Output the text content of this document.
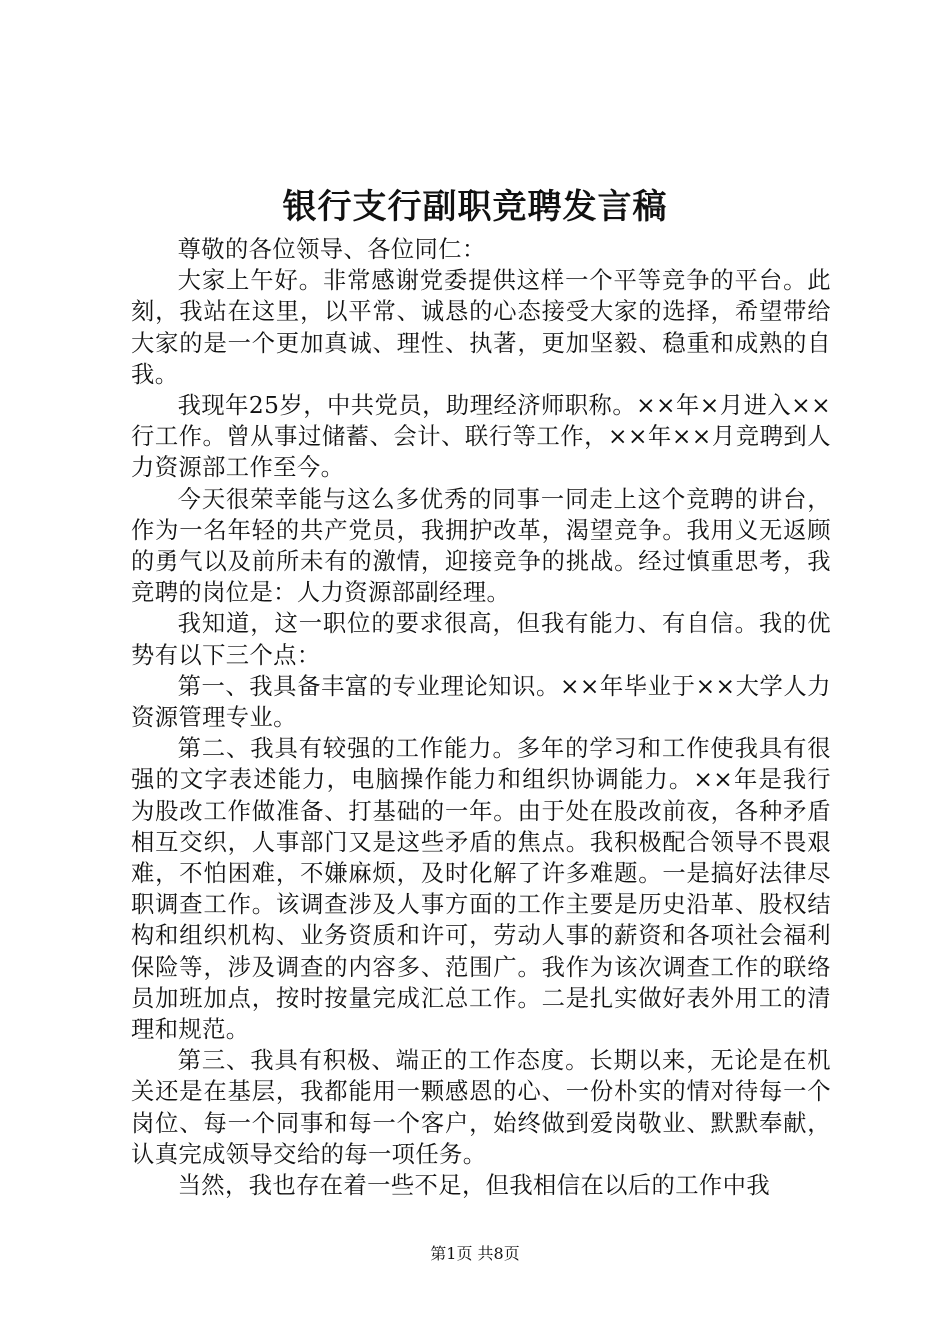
银行支行副职竞聘发言稿

尊敬的各位领导、各位同仁：

大家上午好。非常感谢党委提供这样一个平等竞争的平台。此刻，我站在这里，以平常、诚恳的心态接受大家的选择，希望带给大家的是一个更加真诚、理性、执著，更加坚毅、稳重和成熟的自我。

我现年25岁，中共党员，助理经济师职称。××年×月进入××行工作。曾从事过储蓄、会计、联行等工作，××年××月竞聘到人力资源部工作至今。

今天很荣幸能与这么多优秀的同事一同走上这个竞聘的讲台，作为一名年轻的共产党员，我拥护改革，渴望竞争。我用义无返顾的勇气以及前所未有的激情，迎接竞争的挑战。经过慎重思考，我竞聘的岗位是：人力资源部副经理。

我知道，这一职位的要求很高，但我有能力、有自信。我的优势有以下三个点：

第一、我具备丰富的专业理论知识。××年毕业于××大学人力资源管理专业。

第二、我具有较强的工作能力。多年的学习和工作使我具有很强的文字表述能力，电脑操作能力和组织协调能力。××年是我行为股改工作做准备、打基础的一年。由于处在股改前夜，各种矛盾相互交织，人事部门又是这些矛盾的焦点。我积极配合领导不畏艰难，不怕困难，不嫌麻烦，及时化解了许多难题。一是搞好法律尽职调查工作。该调查涉及人事方面的工作主要是历史沿革、股权结构和组织机构、业务资质和许可，劳动人事的薪资和各项社会福利保险等，涉及调查的内容多、范围广。我作为该次调查工作的联络员加班加点，按时按量完成汇总工作。二是扎实做好表外用工的清理和规范。

第三、我具有积极、端正的工作态度。长期以来，无论是在机关还是在基层，我都能用一颗感恩的心、一份朴实的情对待每一个岗位、每一个同事和每一个客户，始终做到爱岗敬业、默默奉献，认真完成领导交给的每一项任务。

当然，我也存在着一些不足，但我相信在以后的工作中我

第1页 共8页
